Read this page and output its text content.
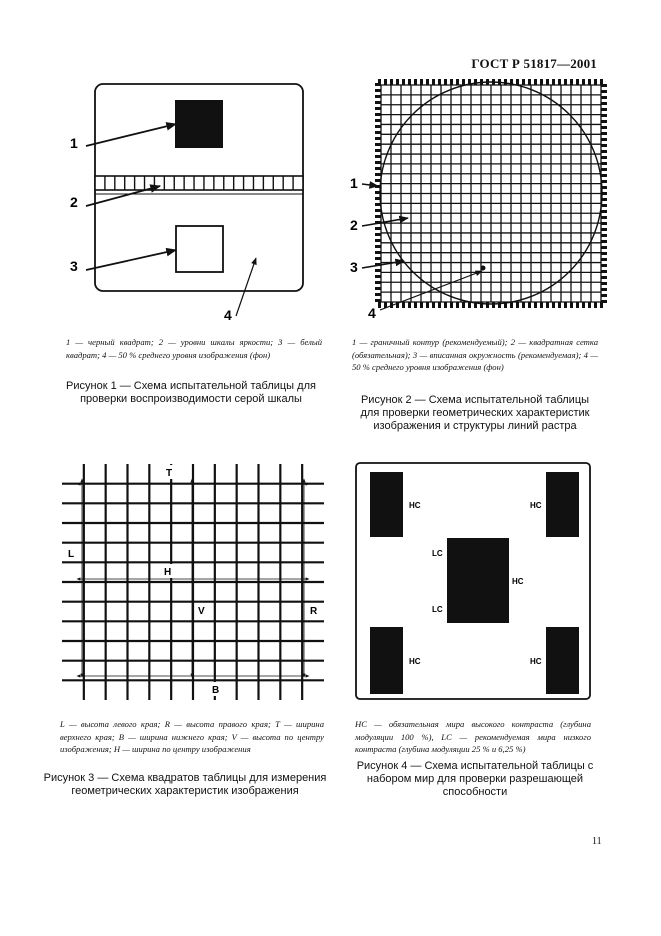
ГОСТ Р 51817—2001
1
2
3
4
1 — черный квадрат; 2 — уровни шкалы яркости; 3 — белый квадрат; 4 — 50 % среднего уровня изображения (фон)
Рисунок 1 — Схема испытательной таблицы для проверки воспроизводимости серой шкалы
1
2
3
4
1 — граничный контур (рекомендуемый); 2 — квадратная сетка (обязательная); 3 — вписанная окружность (рекомендуемая); 4 — 50 % среднего уровня изображения (фон)
Рисунок 2 — Схема испытательной таблицы для проверки геометрических характеристик изображения и структуры линий растра
T
L
H
V	R
B
L — высота левого края; R — высота правого края; T — ширина верхнего края; B — ширина нижнего края; V — высота по центру изображения; H — ширина по центру изображения
Рисунок 3 — Схема квадратов таблицы для измерения геометрических характеристик изображения
HC	HC
LC
HC
LC
HC	HC
HC — обязательная мира высокого контраста (глубина модуляции 100 %), LC — рекомендуемая мира низкого контраста (глубина модуляции 25 % и 6,25 %)
Рисунок 4 — Схема испытательной таблицы с набором мир для проверки разрешающей способности
11
